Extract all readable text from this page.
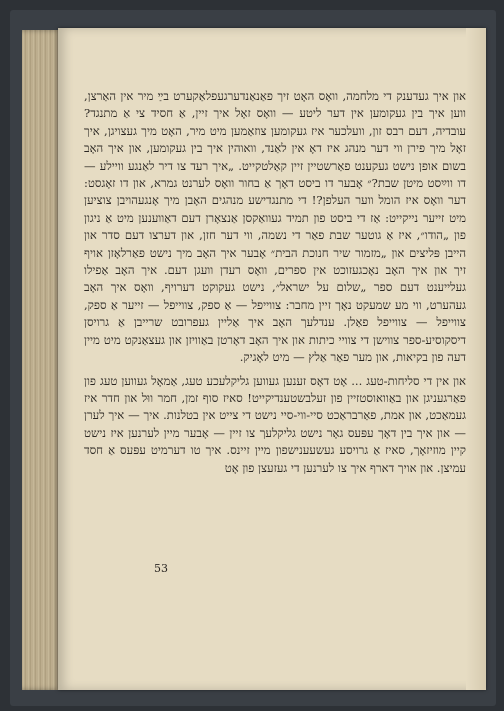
און איך געדענק די מלחמה, וואָס האָט זיך פאַנאַנדערגעפלאַקערט בײַ מיר אין האַרצן, ווען איך בין געקומען אין דער ליטע — וואָס זאָל איך זיין, אַ חסיד צי אַ מתנגד? עובדיה, דעם רבס זון, וועלכער איז געקומען צוזאַמען מיט מיר, האָט מיך געצויגן, איך זאָל מיך פירן ווי דער מנהג איז דאָ אין לאַנד, וואוהין איך בין געקומען, און איך האָב בשום אופן נישט געקענט פאַרשטיין זיין קאַלטקייט. „איך רעד צו דיר לאַנגע וויילע — דו ווײַסט מיטן שבת?״ אָבער דו ביסט דאָך אַ בחור וואָס לערנט גמרא, און דו זאָגסט: דער וואָס איז הומל ווער העלפן?! די מתנגדישע מנהגים האָבן מיך אָנגעהויבן צוציען מיט זייער נייקייט: אַז די ביסט פון תמיד געוואַקסן אַנצאָרן דעם דאַווענען מיט אַ ניגון פון „הודו״, איז אַ גוטער שבת פאַר די נשמה, ווי דער חזן, און דערצו דעם סדר און הייבן פּליצים און „מזמור שיר חנוכת הבית״ אָבער איך האָב מיך נישט פאַרלאָזן אויף זיך און איך האָב נאָכגעזוכט אין ספרים, וואָס רעדן וועגן דעם. איך האָב אַפילו געלייענט דעם ספר „שלום על ישראל״, נישט געקוקט דערויף, וואָס איך האָב געהערט, ווי מע שמעקט נאָך זיין מחבר: צווייפל — אַ ספק, צווייפל — זייער אַ ספק, צווייפל — צווייפל פאַלן. ענדלעך האָב איך אַליין געפרובט שרייבן אַ גרויסן דיסקוסיע-ספר צווישן די צוויי כיתות און איך האָב דאָרטן באַוויזן און געצאַנקט מיט מיין דעה פון בקיאות, און מער פאַר אַלץ — מיט לאָגיק.

און אין די סליחות-טעג ... אָט דאָס זענען געווען גליקלעכע טעג, אַמאָל געווען טעג פון פאַרגעניגן און באַוואוסטזיין פון זעלבשטענדיקייט! סאיז סוף זמן, חמר ווּל און חדר איז געמאַכט, און אמת, פאַרבראַכט סיי-ווי-סיי נישט די צייט אין בטלנות. איך — איך לערן — און איך בין דאָך עפּעס גאָר נישט גליקלעך צו זיין — אָבער מיין לערנען איז נישט קיין מוזיזאָך, סאיז אַ גרויסע געשעענישפון מיין זיינס. איך טו דערמיט עפּעס אַ חסד עמיצן. און אויך דארף איך צו לערנען די געזעצן פון אָט

53
